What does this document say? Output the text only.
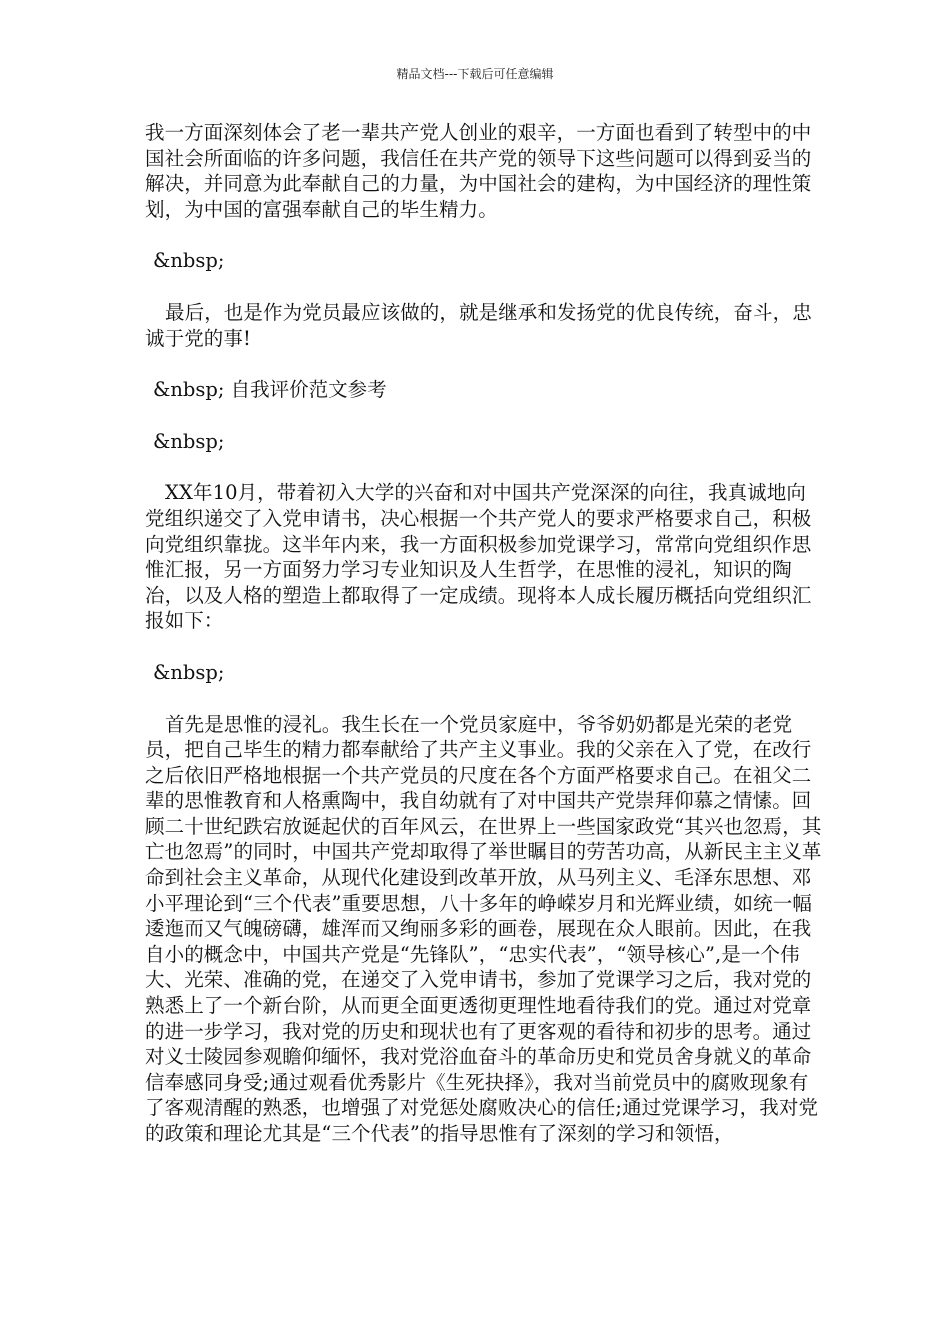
精品文档---下载后可任意编辑

我一方面深刻体会了老一辈共产党人创业的艰辛，一方面也看到了转型中的中国社会所面临的许多问题，我信任在共产党的领导下这些问题可以得到妥当的解决，并同意为此奉献自己的力量，为中国社会的建构，为中国经济的理性策划，为中国的富强奉献自己的毕生精力。

&nbsp;

最后，也是作为党员最应该做的，就是继承和发扬党的优良传统，奋斗，忠诚于党的事!

&nbsp; 自我评价范文参考

&nbsp;

XX年10月，带着初入大学的兴奋和对中国共产党深深的向往，我真诚地向党组织递交了入党申请书，决心根据一个共产党人的要求严格要求自己，积极向党组织靠拢。这半年内来，我一方面积极参加党课学习，常常向党组织作思惟汇报，另一方面努力学习专业知识及人生哲学，在思惟的浸礼，知识的陶冶，以及人格的塑造上都取得了一定成绩。现将本人成长履历概括向党组织汇报如下：

&nbsp;

首先是思惟的浸礼。我生长在一个党员家庭中，爷爷奶奶都是光荣的老党员，把自己毕生的精力都奉献给了共产主义事业。我的父亲在入了党，在改行之后依旧严格地根据一个共产党员的尺度在各个方面严格要求自己。在祖父二辈的思惟教育和人格熏陶中，我自幼就有了对中国共产党崇拜仰慕之情愫。回顾二十世纪跌宕放诞起伏的百年风云，在世界上一些国家政党“其兴也忽焉，其亡也忽焉”的同时，中国共产党却取得了举世瞩目的劳苦功高，从新民主主义革命到社会主义革命，从现代化建设到改革开放，从马列主义、毛泽东思想、邓小平理论到“三个代表”重要思想，八十多年的峥嵘岁月和光辉业绩，如统一幅逶迤而又气魄磅礴，雄浑而又绚丽多彩的画卷，展现在众人眼前。因此，在我自小的概念中，中国共产党是“先锋队”，“忠实代表”，“领导核心”,是一个伟大、光荣、准确的党，在递交了入党申请书，参加了党课学习之后，我对党的熟悉上了一个新台阶，从而更全面更透彻更理性地看待我们的党。通过对党章的进一步学习，我对党的历史和现状也有了更客观的看待和初步的思考。通过对义士陵园参观瞻仰缅怀，我对党浴血奋斗的革命历史和党员舍身就义的革命信奉感同身受;通过观看优秀影片《生死抉择》，我对当前党员中的腐败现象有了客观清醒的熟悉，也增强了对党惩处腐败决心的信任;通过党课学习，我对党的政策和理论尤其是“三个代表”的指导思惟有了深刻的学习和领悟，
